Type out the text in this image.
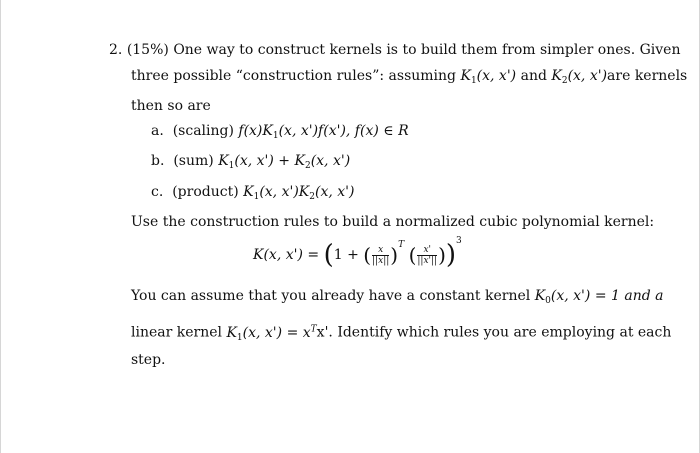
2. (15%) One way to construct kernels is to build them from simpler ones. Given
three possible “construction rules”: assuming $K_1(x$, x') and $K_2(x$, x')are kernels
then so are
a. (scaling) $f(x)K_1(x$, x')f(x'), f(x) ∈ R
b. (sum) $K_1(x$, $x') + K_2(x$, x')
c. (product) $K_1(x$, $x')K_2(x$, x')
Use the construction rules to build a normalized cubic polynomial kernel:
K(x, x') = (1 + ( $\frac{x}{||x||} )^T$ ( $\frac{x'}{||x'||} ))^3$
You can assume that you already have a constant kernel $K_0(x$, x') = 1 and a
linear kernel $K_1(x$, $x') = x^Tx'$. Identify which rules you are employing at each
step.
